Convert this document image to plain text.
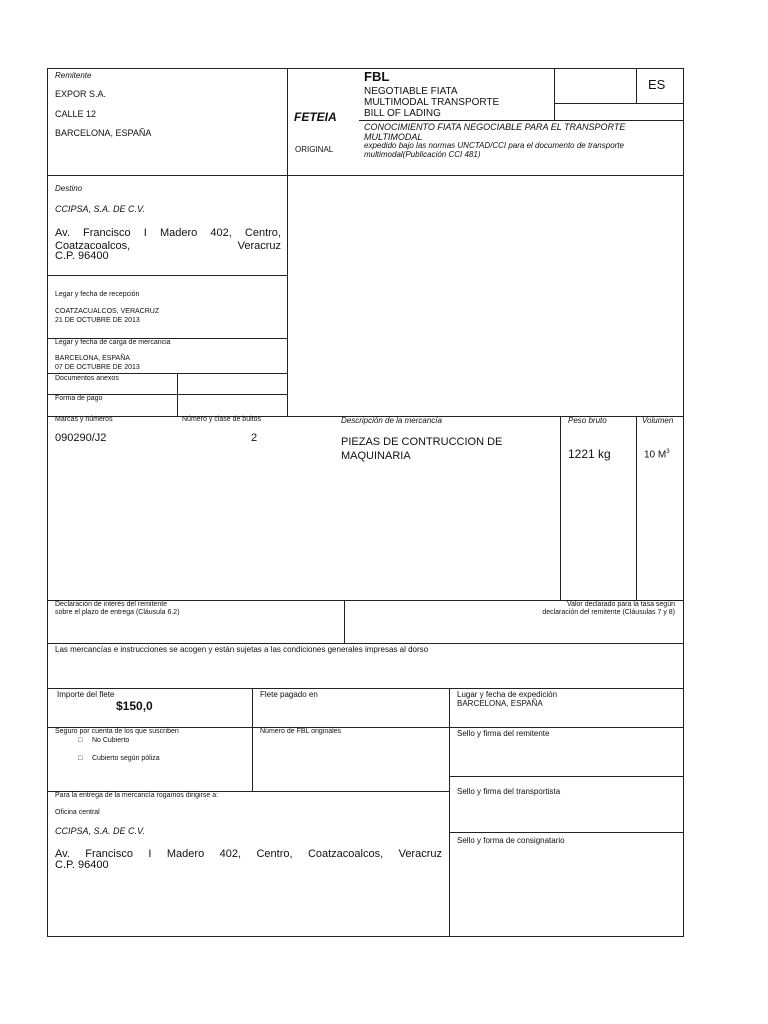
Remitente
EXPOR S.A.
CALLE 12
BARCELONA, ESPAÑA
FETEIA
ORIGINAL
FBL
NEGOTIABLE FIATA
MULTIMODAL TRANSPORTE
BILL OF LADING
CONOCIMIENTO FIATA NEGOCIABLE PARA EL TRANSPORTE MULTIMODAL
expedido bajo las normas UNCTAD/CCI para el documento de transporte multimodal(Publicación CCI 481)
ES
Destino
CCIPSA, S.A. DE C.V.
Av. Francisco I Madero 402, Centro, Coatzacoalcos, Veracruz
C.P. 96400
Legar y fecha de recepción
COATZACUALCOS, VERACRUZ
21 DE OCTUBRE DE 2013
Legar y fecha de carga de mercancia
BARCELONA, ESPAÑA
07 DE OCTUBRE DE 2013
Documentos anexos
Forma de pago
Marcas y números	Número y clase de bultos	Descripción de la mercancía	Peso bruto	Volumen
090290/J2	2	PIEZAS DE CONTRUCCION DE
MAQUINARIA	1221 kg	10 $M^3$
Declaración de interés del remitente
sobre el plazo de entrega (Cláusula 6.2)
Valor declarado para la tasa según
declaración del remitente (Cláusulas 7 y 8)
Las mercancías e instrucciones se acogen y están sujetas a las condiciones generales impresas al dorso
Importe del flete
$150,0
Flete pagado en	Lugar y fecha de expedición
BARCELONA, ESPAÑA
Seguro por cuenta de los que suscriben
□ No Cubierto
□ Cubierto según póliza
Número de FBL originales	Sello y firma del remitente
Para la entrega de la mercancía rogamos dirigirse a:
Oficina central
CCIPSA, S.A. DE C.V.
Av. Francisco I Madero 402, Centro, Coatzacoalcos, Veracruz
C.P. 96400
Sello y firma del transportista
Sello y forma de consignatario
